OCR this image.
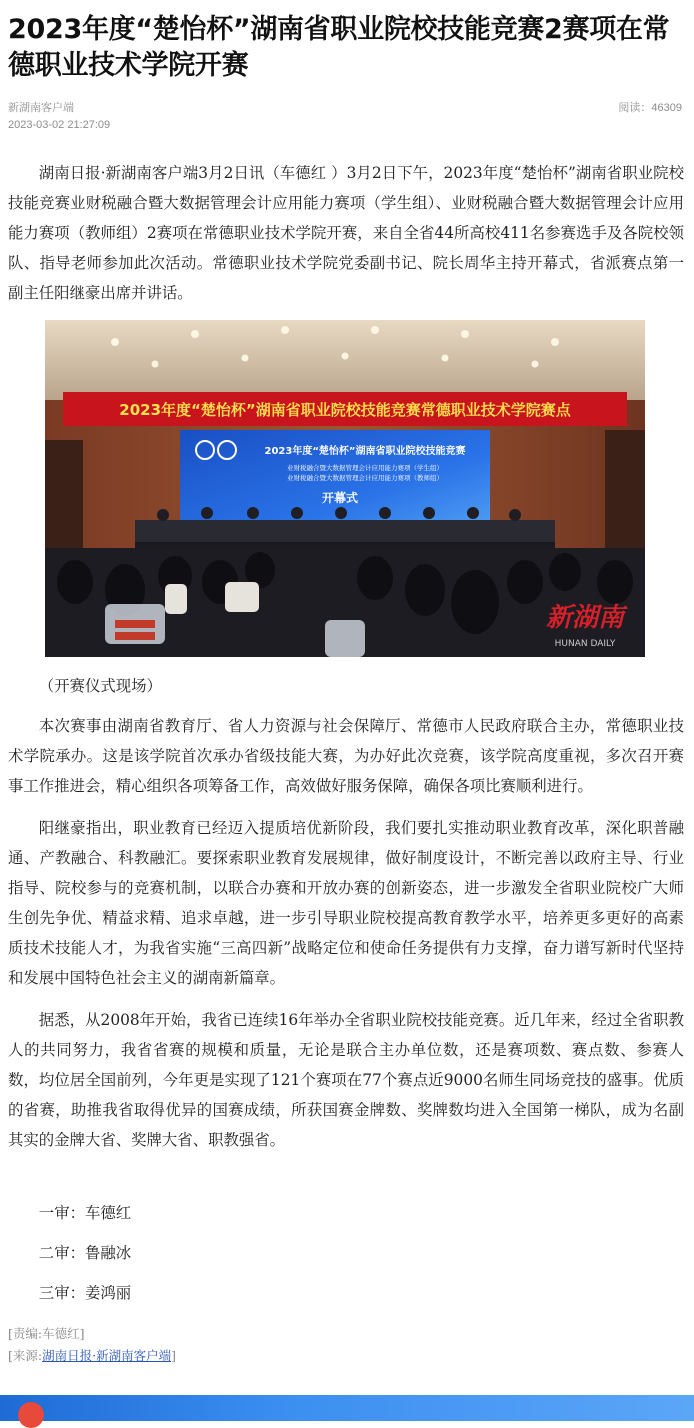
2023年度“楚怡杯”湖南省职业院校技能竞赛2赛项在常德职业技术学院开赛
新湖南客户端	阅读：46309
2023-03-02 21:27:09

湖南日报·新湖南客户端3月2日讯（车德红 ）3月2日下午，2023年度“楚怡杯”湖南省职业院校技能竞赛业财税融合暨大数据管理会计应用能力赛项（学生组）、业财税融合暨大数据管理会计应用能力赛项（教师组）2赛项在常德职业技术学院开赛，来自全省44所高校411名参赛选手及各院校领队、指导老师参加此次活动。常德职业技术学院党委副书记、院长周华主持开幕式，省派赛点第一副主任阳继豪出席并讲话。

2023年度“楚怡杯”湖南省职业院校技能竞赛常德职业技术学院赛点
2023年度“楚怡杯”湖南省职业院校技能竞赛
业财税融合暨大数据管理会计应用能力赛项（学生组）
业财税融合暨大数据管理会计应用能力赛项（教师组）
开幕式
新湖南
HUNAN DAILY

（开赛仪式现场）

本次赛事由湖南省教育厅、省人力资源与社会保障厅、常德市人民政府联合主办，常德职业技术学院承办。这是该学院首次承办省级技能大赛，为办好此次竞赛，该学院高度重视，多次召开赛事工作推进会，精心组织各项筹备工作，高效做好服务保障，确保各项比赛顺利进行。

阳继豪指出，职业教育已经迈入提质培优新阶段，我们要扎实推动职业教育改革，深化职普融通、产教融合、科教融汇。要探索职业教育发展规律，做好制度设计，不断完善以政府主导、行业指导、院校参与的竞赛机制，以联合办赛和开放办赛的创新姿态，进一步激发全省职业院校广大师生创先争优、精益求精、追求卓越，进一步引导职业院校提高教育教学水平，培养更多更好的高素质技术技能人才，为我省实施“三高四新”战略定位和使命任务提供有力支撑，奋力谱写新时代坚持和发展中国特色社会主义的湖南新篇章。

据悉，从2008年开始，我省已连续16年举办全省职业院校技能竞赛。近几年来，经过全省职教人的共同努力，我省省赛的规模和质量，无论是联合主办单位数，还是赛项数、赛点数、参赛人数，均位居全国前列，今年更是实现了121个赛项在77个赛点近9000名师生同场竞技的盛事。优质的省赛，助推我省取得优异的国赛成绩，所获国赛金牌数、奖牌数均进入全国第一梯队，成为名副其实的金牌大省、奖牌大省、职教强省。

一审：车德红
二审：鲁融冰
三审：姜鸿丽
[责编:车德红]
[来源:湖南日报·新湖南客户端]
